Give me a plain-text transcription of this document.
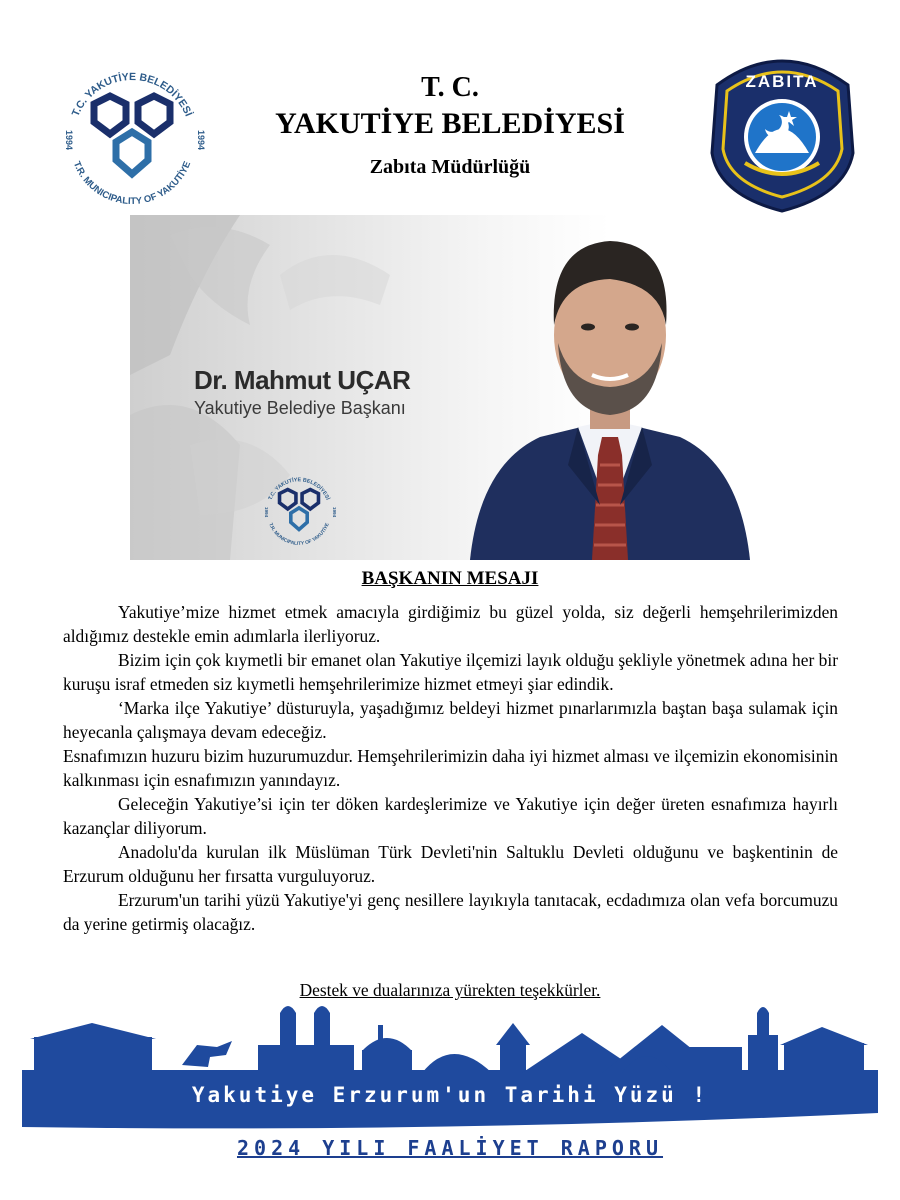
T.C. YAKUTİYE BELEDİYESİ
T.R. MUNICIPALITY OF YAKUTİYE
1994	1994
ZABITA
T. C.
YAKUTİYE BELEDİYESİ
Zabıta Müdürlüğü
Dr. Mahmut UÇAR
Yakutiye Belediye Başkanı
T.C. YAKUTİYE BELEDİYESİ
T.R. MUNICIPALITY OF YAKUTİYE
1994	1994
BAŞKANIN MESAJI

Yakutiye’mize hizmet etmek amacıyla girdiğimiz bu güzel yolda, siz değerli hemşehrilerimizden aldığımız destekle emin adımlarla ilerliyoruz.

Bizim için çok kıymetli bir emanet olan Yakutiye ilçemizi layık olduğu şekliyle yönetmek adına her bir kuruşu israf etmeden siz kıymetli hemşehrilerimize hizmet etmeyi şiar edindik.

‘Marka ilçe Yakutiye’ düsturuyla, yaşadığımız beldeyi hizmet pınarlarımızla baştan başa sulamak için heyecanla çalışmaya devam edeceğiz.

Esnafımızın huzuru bizim huzurumuzdur. Hemşehrilerimizin daha iyi hizmet alması ve ilçemizin ekonomisinin kalkınması için esnafımızın yanındayız.

Geleceğin Yakutiye’si için ter döken kardeşlerimize ve Yakutiye için değer üreten esnafımıza hayırlı kazançlar diliyorum.

Anadolu'da kurulan ilk Müslüman Türk Devleti'nin Saltuklu Devleti olduğunu ve başkentinin de Erzurum olduğunu her fırsatta vurguluyoruz.

Erzurum'un tarihi yüzü Yakutiye'yi genç nesillere layıkıyla tanıtacak, ecdadımıza olan vefa borcumuzu da yerine getirmiş olacağız.

Destek ve dualarınıza yürekten teşekkürler.
Yakutiye Erzurum'un Tarihi Yüzü !
2024 YILI FAALİYET RAPORU
